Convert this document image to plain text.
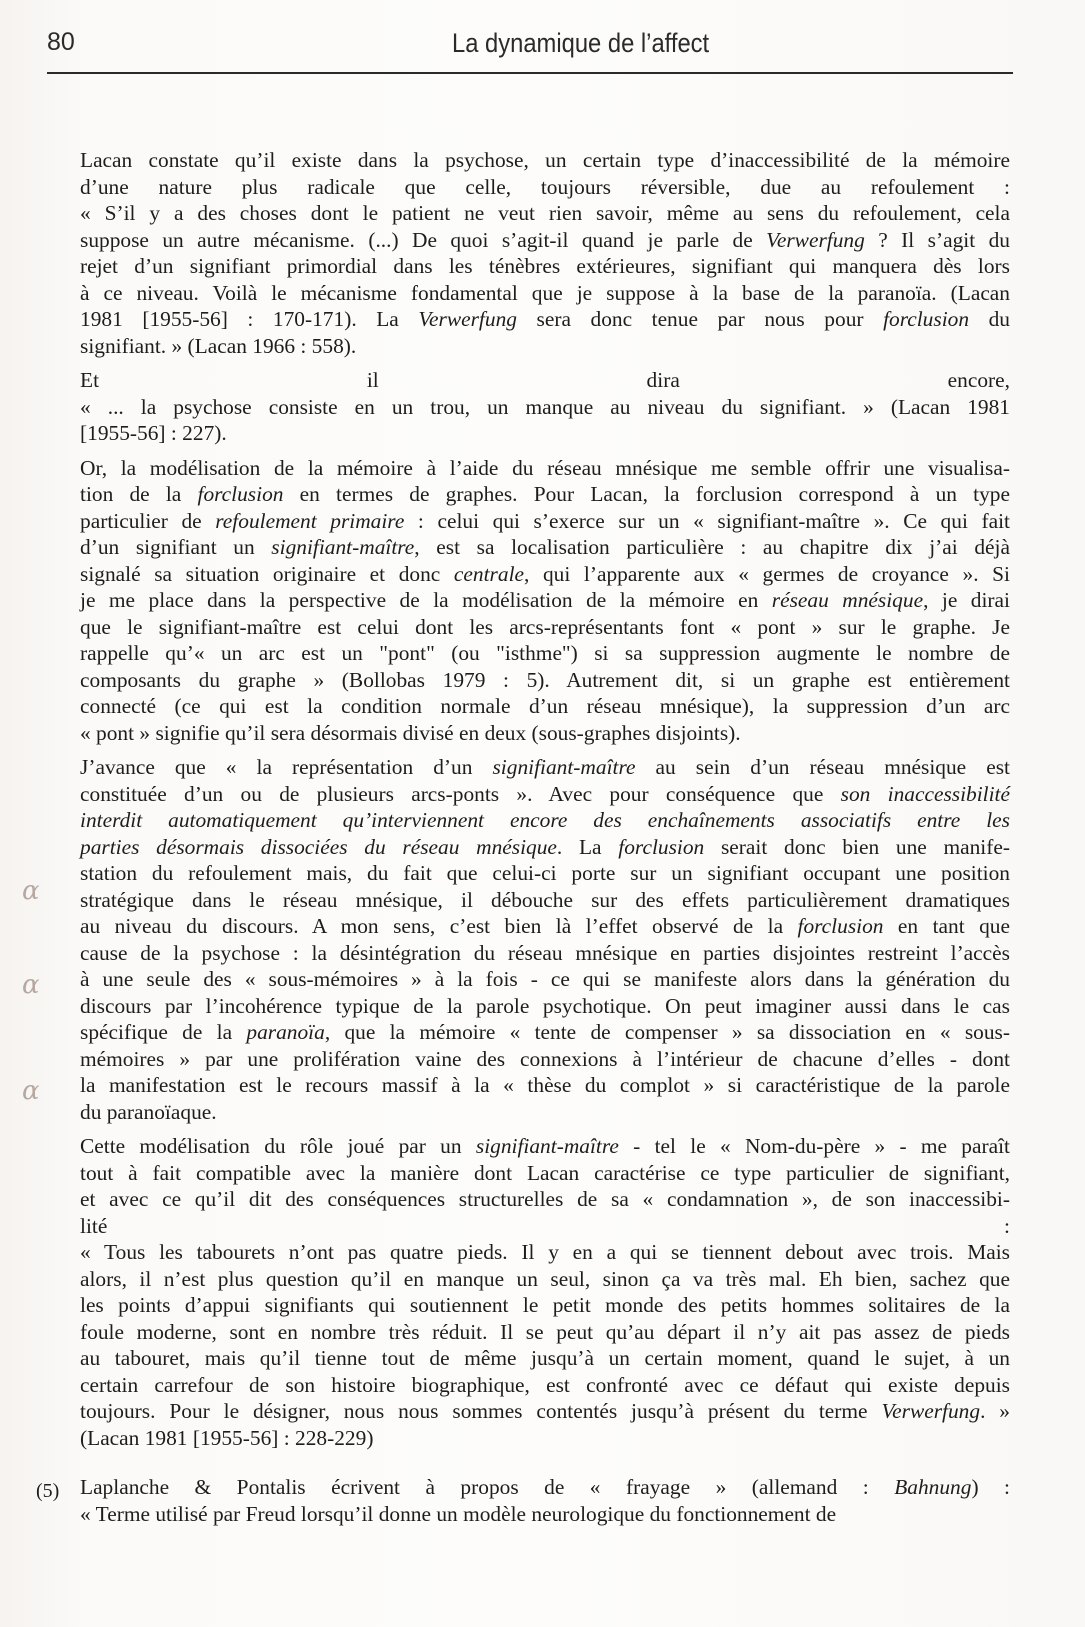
80	La dynamique de l’affect

Lacan constate qu’il existe dans la psychose, un certain type d’inaccessibilité de la mémoire
d’une nature plus radicale que celle, toujours réversible, due au refoulement :
« S’il y a des choses dont le patient ne veut rien savoir, même au sens du refoulement, cela
suppose un autre mécanisme. (...) De quoi s’agit-il quand je parle de Verwerfung ? Il s’agit du
rejet d’un signifiant primordial dans les ténèbres extérieures, signifiant qui manquera dès lors
à ce niveau. Voilà le mécanisme fondamental que je suppose à la base de la paranoïa. (Lacan
1981 [1955-56] : 170-171). La Verwerfung sera donc tenue par nous pour forclusion du
signifiant. » (Lacan 1966 : 558).

Et il dira encore,
« ... la psychose consiste en un trou, un manque au niveau du signifiant. » (Lacan 1981
[1955-56] : 227).

Or, la modélisation de la mémoire à l’aide du réseau mnésique me semble offrir une visualisa-
tion de la forclusion en termes de graphes. Pour Lacan, la forclusion correspond à un type
particulier de refoulement primaire : celui qui s’exerce sur un « signifiant-maître ». Ce qui fait
d’un signifiant un signifiant-maître, est sa localisation particulière : au chapitre dix j’ai déjà
signalé sa situation originaire et donc centrale, qui l’apparente aux « germes de croyance ». Si
je me place dans la perspective de la modélisation de la mémoire en réseau mnésique, je dirai
que le signifiant-maître est celui dont les arcs-représentants font « pont » sur le graphe. Je
rappelle qu’« un arc est un "pont" (ou "isthme") si sa suppression augmente le nombre de
composants du graphe » (Bollobas 1979 : 5). Autrement dit, si un graphe est entièrement
connecté (ce qui est la condition normale d’un réseau mnésique), la suppression d’un arc
« pont » signifie qu’il sera désormais divisé en deux (sous-graphes disjoints).

J’avance que « la représentation d’un signifiant-maître au sein d’un réseau mnésique est
constituée d’un ou de plusieurs arcs-ponts ». Avec pour conséquence que son inaccessibilité
interdit automatiquement qu’interviennent encore des enchaînements associatifs entre les
parties désormais dissociées du réseau mnésique. La forclusion serait donc bien une manife-
station du refoulement mais, du fait que celui-ci porte sur un signifiant occupant une position
stratégique dans le réseau mnésique, il débouche sur des effets particulièrement dramatiques
au niveau du discours. A mon sens, c’est bien là l’effet observé de la forclusion en tant que
cause de la psychose : la désintégration du réseau mnésique en parties disjointes restreint l’accès
à une seule des « sous-mémoires » à la fois - ce qui se manifeste alors dans la génération du
discours par l’incohérence typique de la parole psychotique. On peut imaginer aussi dans le cas
spécifique de la paranoïa, que la mémoire « tente de compenser » sa dissociation en « sous-
mémoires » par une prolifération vaine des connexions à l’intérieur de chacune d’elles - dont
la manifestation est le recours massif à la « thèse du complot » si caractéristique de la parole
du paranoïaque.

Cette modélisation du rôle joué par un signifiant-maître - tel le « Nom-du-père » - me paraît
tout à fait compatible avec la manière dont Lacan caractérise ce type particulier de signifiant,
et avec ce qu’il dit des conséquences structurelles de sa « condamnation », de son inaccessibi-
lité :
« Tous les tabourets n’ont pas quatre pieds. Il y en a qui se tiennent debout avec trois. Mais
alors, il n’est plus question qu’il en manque un seul, sinon ça va très mal. Eh bien, sachez que
les points d’appui signifiants qui soutiennent le petit monde des petits hommes solitaires de la
foule moderne, sont en nombre très réduit. Il se peut qu’au départ il n’y ait pas assez de pieds
au tabouret, mais qu’il tienne tout de même jusqu’à un certain moment, quand le sujet, à un
certain carrefour de son histoire biographique, est confronté avec ce défaut qui existe depuis
toujours. Pour le désigner, nous nous sommes contentés jusqu’à présent du terme Verwerfung. »
(Lacan 1981 [1955-56] : 228-229)

α
α
α
(5) Laplanche & Pontalis écrivent à propos de « frayage » (allemand : Bahnung) :
« Terme utilisé par Freud lorsqu’il donne un modèle neurologique du fonctionnement de
